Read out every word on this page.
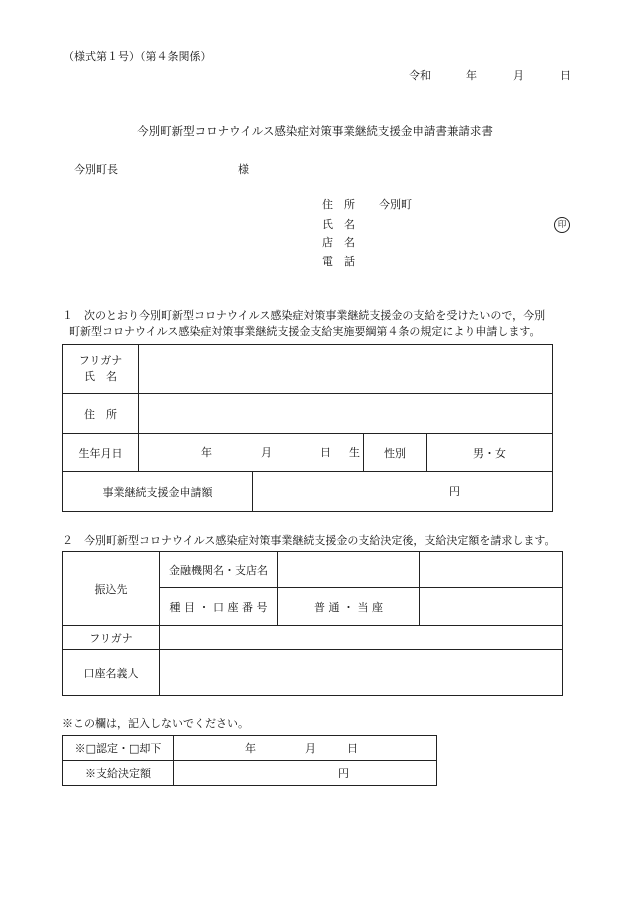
（様式第１号）（第４条関係）
令和	年	月	日
今別町新型コロナウイルス感染症対策事業継続支援金申請書兼請求書
今別町長	様
住　所 今別町
氏　名	印
店　名
電　話
１　次のとおり今別町新型コロナウイルス感染症対策事業継続支援金の支給を受けたいので，今別
町新型コロナウイルス感染症対策事業継続支援金支給実施要綱第４条の規定により申請します。
フリガナ
氏　名				

住　所				
生年月日	年 月 日 生		性別	男・女
事業継続支援金申請額		円		
２　今別町新型コロナウイルス感染症対策事業継続支援金の支給決定後，支給決定額を請求します。
振込先	金融機関名・支店名		
	種 目 ・ 口 座 番 号	普 通 ・ 当 座	
フリガナ			
口座名義人			
※この欄は，記入しないでください。
※□認定・□却下	年 月 日

※支給決定額	円
